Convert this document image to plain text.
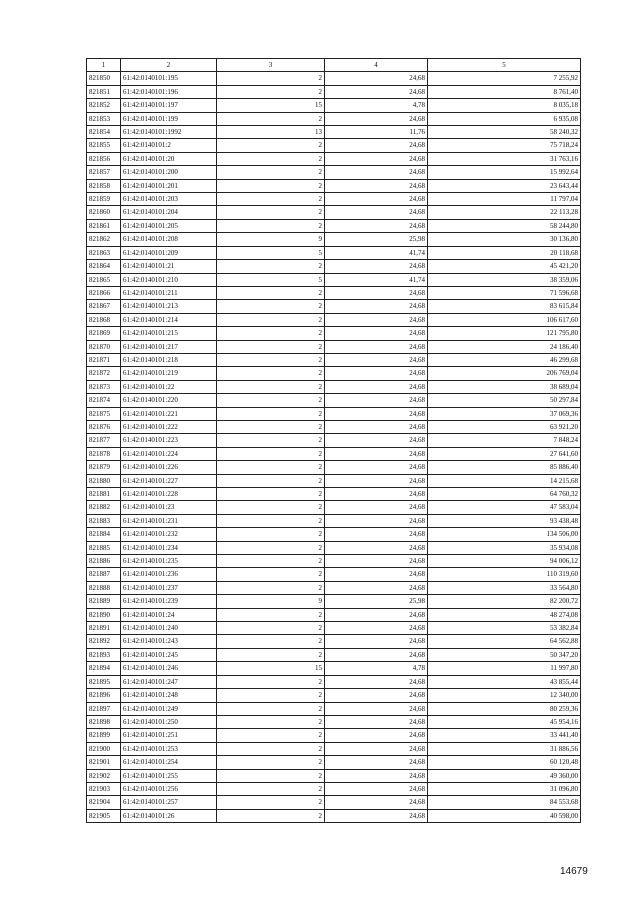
1	2	3	4	5
821850	61:42:0140101:195	2	24,68	7 255,92
821851	61:42:0140101:196	2	24,68	8 761,40
821852	61:42:0140101:197	15	4,78	8 035,18
821853	61:42:0140101:199	2	24,68	6 935,08
821854	61:42:0140101:1992	13	11,76	58 240,32
821855	61:42:0140101:2	2	24,68	75 718,24
821856	61:42:0140101:20	2	24,68	31 763,16
821857	61:42:0140101:200	2	24,68	15 992,64
821858	61:42:0140101:201	2	24,68	23 643,44
821859	61:42:0140101:203	2	24,68	11 797,04
821860	61:42:0140101:204	2	24,68	22 113,28
821861	61:42:0140101:205	2	24,68	58 244,80
821862	61:42:0140101:208	9	25,98	30 136,80
821863	61:42:0140101:209	5	41,74	20 118,68
821864	61:42:0140101:21	2	24,68	45 421,20
821865	61:42:0140101:210	5	41,74	38 359,06
821866	61:42:0140101:211	2	24,68	71 596,68
821867	61:42:0140101:213	2	24,68	83 615,84
821868	61:42:0140101:214	2	24,68	106 617,60
821869	61:42:0140101:215	2	24,68	121 795,80
821870	61:42:0140101:217	2	24,68	24 186,40
821871	61:42:0140101:218	2	24,68	46 299,68
821872	61:42:0140101:219	2	24,68	206 769,04
821873	61:42:0140101:22	2	24,68	38 689,04
821874	61:42:0140101:220	2	24,68	50 297,84
821875	61:42:0140101:221	2	24,68	37 069,36
821876	61:42:0140101:222	2	24,68	63 921,20
821877	61:42:0140101:223	2	24,68	7 848,24
821878	61:42:0140101:224	2	24,68	27 641,60
821879	61:42:0140101:226	2	24,68	85 886,40
821880	61:42:0140101:227	2	24,68	14 215,68
821881	61:42:0140101:228	2	24,68	64 760,32
821882	61:42:0140101:23	2	24,68	47 583,04
821883	61:42:0140101:231	2	24,68	93 438,48
821884	61:42:0140101:232	2	24,68	134 506,00
821885	61:42:0140101:234	2	24,68	35 934,08
821886	61:42:0140101:235	2	24,68	94 006,12
821887	61:42:0140101:236	2	24,68	110 319,60
821888	61:42:0140101:237	2	24,68	33 564,80
821889	61:42:0140101:239	9	25,98	82 200,72
821890	61:42:0140101:24	2	24,68	48 274,08
821891	61:42:0140101:240	2	24,68	53 382,84
821892	61:42:0140101:243	2	24,68	64 562,88
821893	61:42:0140101:245	2	24,68	50 347,20
821894	61:42:0140101:246	15	4,78	11 997,80
821895	61:42:0140101:247	2	24,68	43 855,44
821896	61:42:0140101:248	2	24,68	12 340,00
821897	61:42:0140101:249	2	24,68	80 259,36
821898	61:42:0140101:250	2	24,68	45 954,16
821899	61:42:0140101:251	2	24,68	33 441,40
821900	61:42:0140101:253	2	24,68	31 886,56
821901	61:42:0140101:254	2	24,68	60 120,48
821902	61:42:0140101:255	2	24,68	49 360,00
821903	61:42:0140101:256	2	24,68	31 096,80
821904	61:42:0140101:257	2	24,68	84 553,68
821905	61:42:0140101:26	2	24,68	40 598,00
14679
